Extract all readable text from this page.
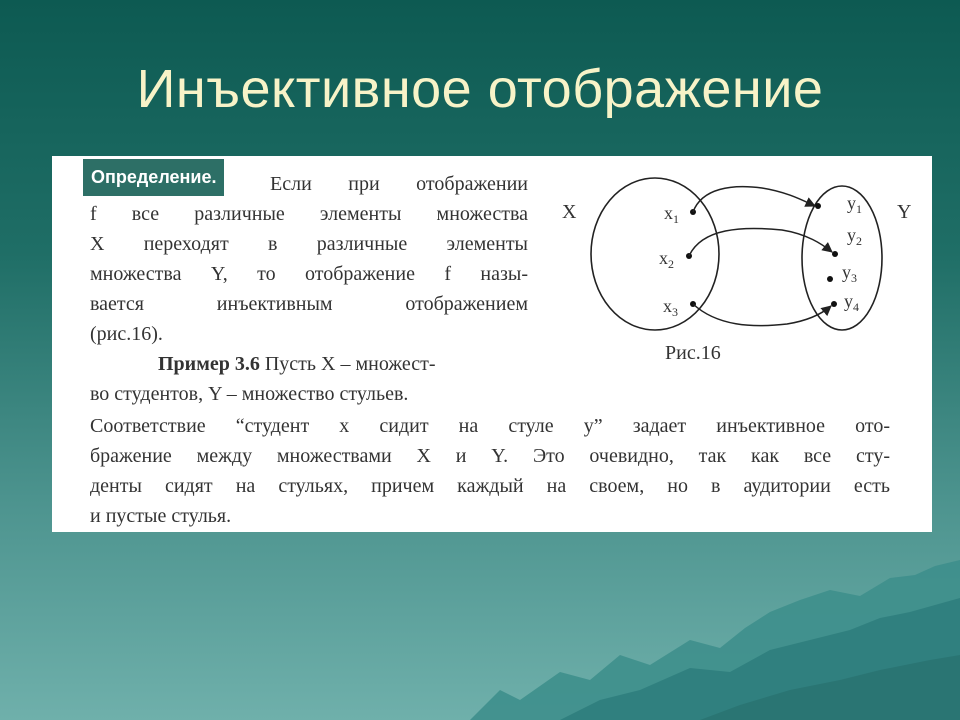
Инъективное отображение
Если при отображении
f все различные элементы множества
X переходят в различные элементы
множества Y, то отображение f назы-
вается инъективным отображением
(рис.16).
Определение.
Пример 3.6 Пусть X – множест-
во студентов, Y – множество стульев.
Соответствие “студент x сидит на стуле y” задает инъективное ото-
бражение между множествами X и Y. Это очевидно, так как все сту-
денты сидят на стульях, причем каждый на своем, но в аудитории есть
и пустые стулья.
X	Y
$x_1$
$x_2$
$x_3$
$y_1$
$y_2$
$y_3$
$y_4$
Рис.16
